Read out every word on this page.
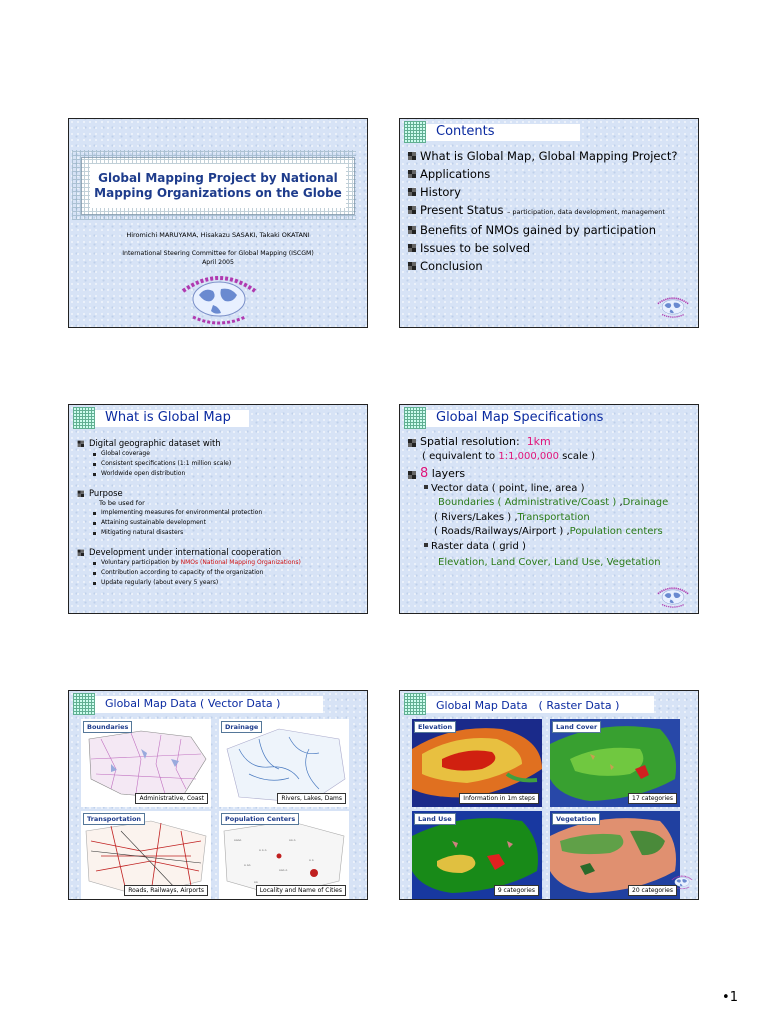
Global Mapping Project by National
Mapping Organizations on the Globe
Hiromichi MARUYAMA, Hisakazu SASAKI, Takaki OKATANI
International Steering Committee for Global Mapping (ISCGM)
April 2005
Contents
What is Global Map, Global Mapping Project?
Applications
History
Present Status – participation, data development, management
Benefits of NMOs gained by participation
Issues to be solved
Conclusion
What is Global Map
Digital geographic dataset with
Global coverage
Consistent specifications (1:1 million scale)
Worldwide open distribution
Purpose
To be used for
Implementing measures for environmental protection
Attaining sustainable development
Mitigating natural disasters
Development under international cooperation
Voluntary participation by NMOs (National Mapping Organizations)
Contribution according to capacity of the organization
Update regularly (about every 5 years)
Global Map Specifications
Spatial resolution: 1km
( equivalent to 1:1,000,000 scale )
8 layers
Vector data ( point, line, area )
Boundaries ( Administrative/Coast ) ,Drainage
( Rivers/Lakes ) ,Transportation
( Roads/Railways/Airport ) ,Population centers
Raster data ( grid )
Elevation, Land Cover, Land Use, Vegetation
Global Map Data ( Vector Data )
Boundaries
Administrative, Coast
Drainage
Rivers, Lakes, Dams
Transportation
Roads, Railways, Airports
oooo
o o o
oo o
o oo
ooo o
o o
oo
Population Centers
Locality and Name of Cities
Global Map Data　( Raster Data )
Elevation
Information in 1m steps
Land Cover
17 categories
Land Use
9 categories
Vegetation
20 categories
•1
